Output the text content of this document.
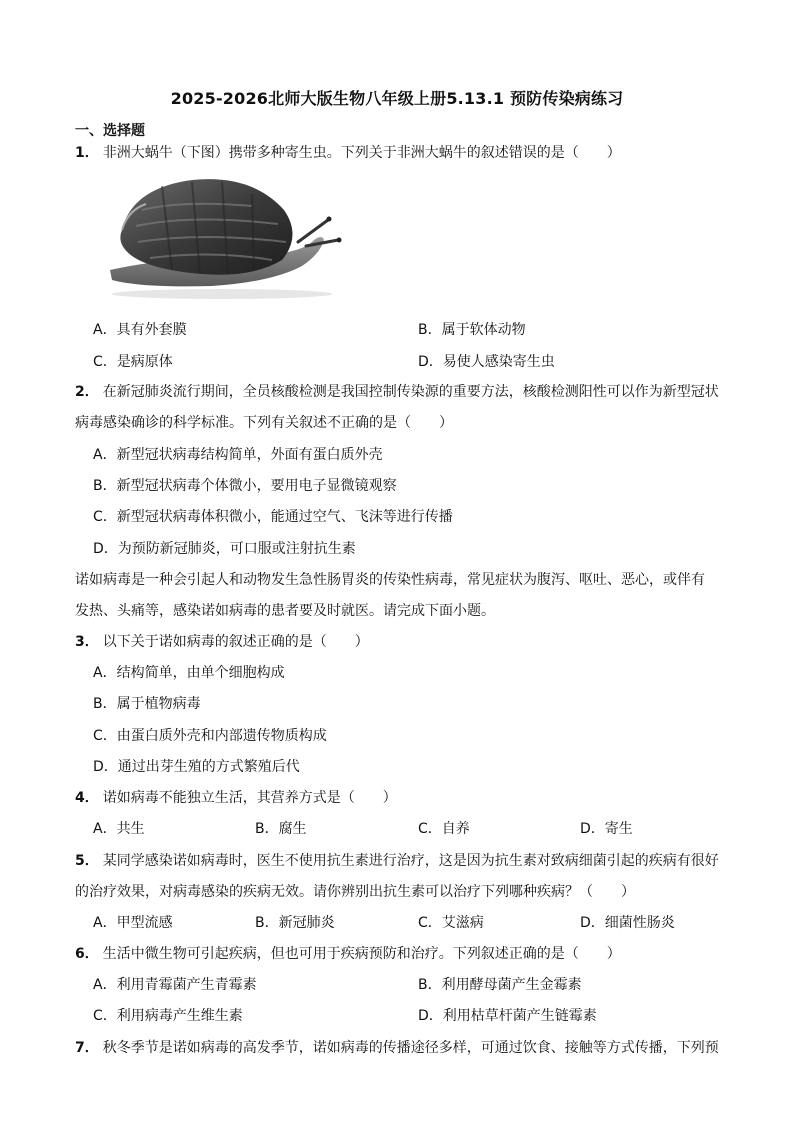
2025-2026北师大版生物八年级上册5.13.1 预防传染病练习
一、选择题
1． 非洲大蜗牛（下图）携带多种寄生虫。下列关于非洲大蜗牛的叙述错误的是（　　）
A．具有外套膜	B．属于软体动物
C．是病原体	D．易使人感染寄生虫
2． 在新冠肺炎流行期间，全员核酸检测是我国控制传染源的重要方法，核酸检测阳性可以作为新型冠状
病毒感染确诊的科学标准。下列有关叙述不正确的是（　　）
A．新型冠状病毒结构简单，外面有蛋白质外壳
B．新型冠状病毒个体微小，要用电子显微镜观察
C．新型冠状病毒体积微小，能通过空气、飞沫等进行传播
D．为预防新冠肺炎，可口服或注射抗生素
诺如病毒是一种会引起人和动物发生急性肠胃炎的传染性病毒，常见症状为腹泻、呕吐、恶心，或伴有
发热、头痛等，感染诺如病毒的患者要及时就医。请完成下面小题。
3． 以下关于诺如病毒的叙述正确的是（　　）
A．结构简单，由单个细胞构成
B．属于植物病毒
C．由蛋白质外壳和内部遗传物质构成
D．通过出芽生殖的方式繁殖后代
4． 诺如病毒不能独立生活，其营养方式是（　　）
A．共生	B．腐生	C．自养	D．寄生
5． 某同学感染诺如病毒时，医生不使用抗生素进行治疗，这是因为抗生素对致病细菌引起的疾病有很好
的治疗效果，对病毒感染的疾病无效。请你辨别出抗生素可以治疗下列哪种疾病？（　　）
A．甲型流感	B．新冠肺炎	C．艾滋病	D．细菌性肠炎
6． 生活中微生物可引起疾病，但也可用于疾病预防和治疗。下列叙述正确的是（　　）
A．利用青霉菌产生青霉素	B．利用酵母菌产生金霉素
C．利用病毒产生维生素	D．利用枯草杆菌产生链霉素
7． 秋冬季节是诺如病毒的高发季节，诺如病毒的传播途径多样，可通过饮食、接触等方式传播，下列预
